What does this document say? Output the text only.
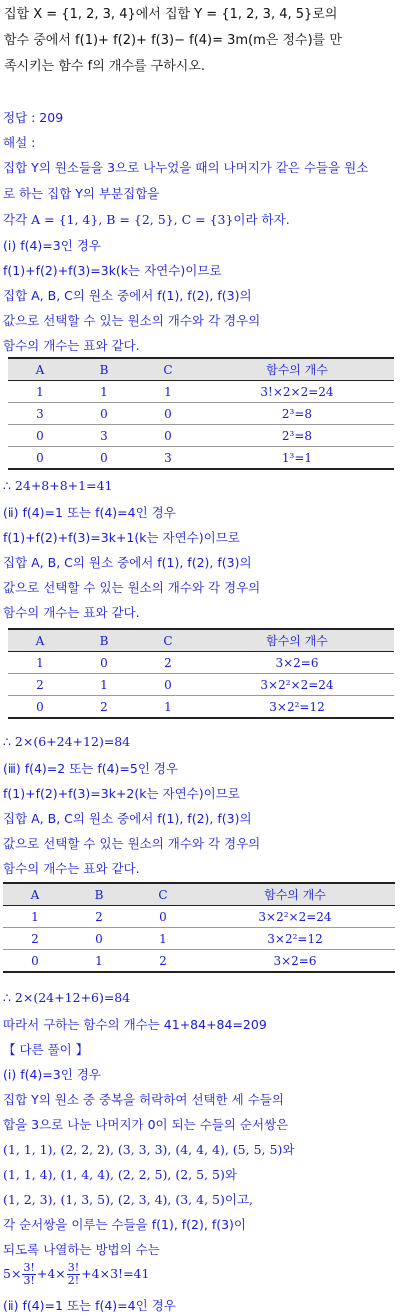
집합 X = {1, 2, 3, 4}에서 집합 Y = {1, 2, 3, 4, 5}로의
함수 중에서 f(1)+ f(2)+ f(3)− f(4)= 3m(m은 정수)를 만
족시키는 함수 f의 개수를 구하시오.
정답 : 209
해설 :
집합 Y의 원소들을 3으로 나누었을 때의 나머지가 같은 수들을 원소
로 하는 집합 Y의 부분집합을
각각 A = {1, 4}, B = {2, 5}, C = {3}이라 하자.
(ⅰ) f(4)=3인 경우
f(1)+f(2)+f(3)=3k(k는 자연수)이므로
집합 A, B, C의 원소 중에서 f(1), f(2), f(3)의
값으로 선택할 수 있는 원소의 개수와 각 경우의
함수의 개수는 표와 같다.
A	B	C	함수의 개수
1	1	1	3!×2×2=24
3	0	0	2³=8
0	3	0	2³=8
0	0	3	1³=1
∴ 24+8+8+1=41
(ⅱ) f(4)=1 또는 f(4)=4인 경우
f(1)+f(2)+f(3)=3k+1(k는 자연수)이므로
집합 A, B, C의 원소 중에서 f(1), f(2), f(3)의
값으로 선택할 수 있는 원소의 개수와 각 경우의
함수의 개수는 표와 같다.
A	B	C	함수의 개수
1	0	2	3×2=6
2	1	0	3×2²×2=24
0	2	1	3×2²=12
∴ 2×(6+24+12)=84
(ⅲ) f(4)=2 또는 f(4)=5인 경우
f(1)+f(2)+f(3)=3k+2(k는 자연수)이므로
집합 A, B, C의 원소 중에서 f(1), f(2), f(3)의
값으로 선택할 수 있는 원소의 개수와 각 경우의
함수의 개수는 표와 같다.
A	B	C	함수의 개수
1	2	0	3×2²×2=24
2	0	1	3×2²=12
0	1	2	3×2=6
∴ 2×(24+12+6)=84
따라서 구하는 함수의 개수는 41+84+84=209
【 다른 풀이 】
(ⅰ) f(4)=3인 경우
집합 Y의 원소 중 중복을 허락하여 선택한 세 수들의
합을 3으로 나눈 나머지가 0이 되는 수들의 순서쌍은
(1, 1, 1), (2, 2, 2), (3, 3, 3), (4, 4, 4), (5, 5, 5)와
(1, 1, 4), (1, 4, 4), (2, 2, 5), (2, 5, 5)와
(1, 2, 3), (1, 3, 5), (2, 3, 4), (3, 4, 5)이고,
각 순서쌍을 이루는 수들을 f(1), f(2), f(3)이
되도록 나열하는 방법의 수는
$5\times \frac{3!}{3!} +4\times \frac{3!}{2!} +4\times 3!=41$
(ⅱ) f(4)=1 또는 f(4)=4인 경우
